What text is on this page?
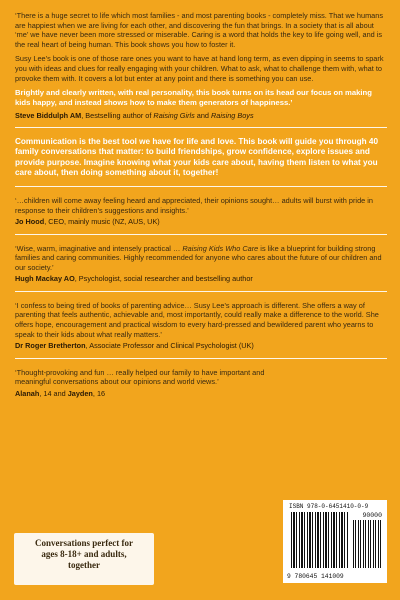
‘There is a huge secret to life which most families - and most parenting books - completely miss. That we humans are happiest when we are living for each other, and discovering the fun that brings. In a society that is all about ‘me’ we have never been more stressed or miserable. Caring is a word that holds the key to life going well, and is the real heart of being human. This book shows you how to foster it.

Susy Lee’s book is one of those rare ones you want to have at hand long term, as even dipping in seems to spark you with ideas and clues for really engaging with your children. What to ask, what to challenge them with, what to provoke them with. It covers a lot but enter at any point and there is something you can use.

Brightly and clearly written, with real personality, this book turns on its head our focus on making kids happy, and instead shows how to make them generators of happiness.’

Steve Biddulph AM, Bestselling author of Raising Girls and Raising Boys

Communication is the best tool we have for life and love. This book will guide you through 40 family conversations that matter: to build friendships, grow confidence, explore issues and provide purpose. Imagine knowing what your kids care about, having them listen to what you care about, then doing something about it, together!

‘…children will come away feeling heard and appreciated, their opinions sought… adults will burst with pride in response to their children’s suggestions and insights.’

Jo Hood, CEO, mainly music (NZ, AUS, UK)

‘Wise, warm, imaginative and intensely practical … Raising Kids Who Care is like a blueprint for building strong families and caring communities. Highly recommended for anyone who cares about the future of our children and our society.’

Hugh Mackay AO, Psychologist, social researcher and bestselling author

‘I confess to being tired of books of parenting advice… Susy Lee’s approach is different. She offers a way of parenting that feels authentic, achievable and, most importantly, could really make a difference to the world. She offers hope, encouragement and practical wisdom to every hard-pressed and bewildered parent who yearns to speak to their kids about what really matters.’

Dr Roger Bretherton, Associate Professor and Clinical Psychologist (UK)

‘Thought-provoking and fun … really helped our family to have important and meaningful conversations about our opinions and world views.’

Alanah, 14 and Jayden, 16

Conversations perfect for
ages 8-18+ and adults,
together
ISBN 978-0-6451410-0-9
90000
9 780645 141009
